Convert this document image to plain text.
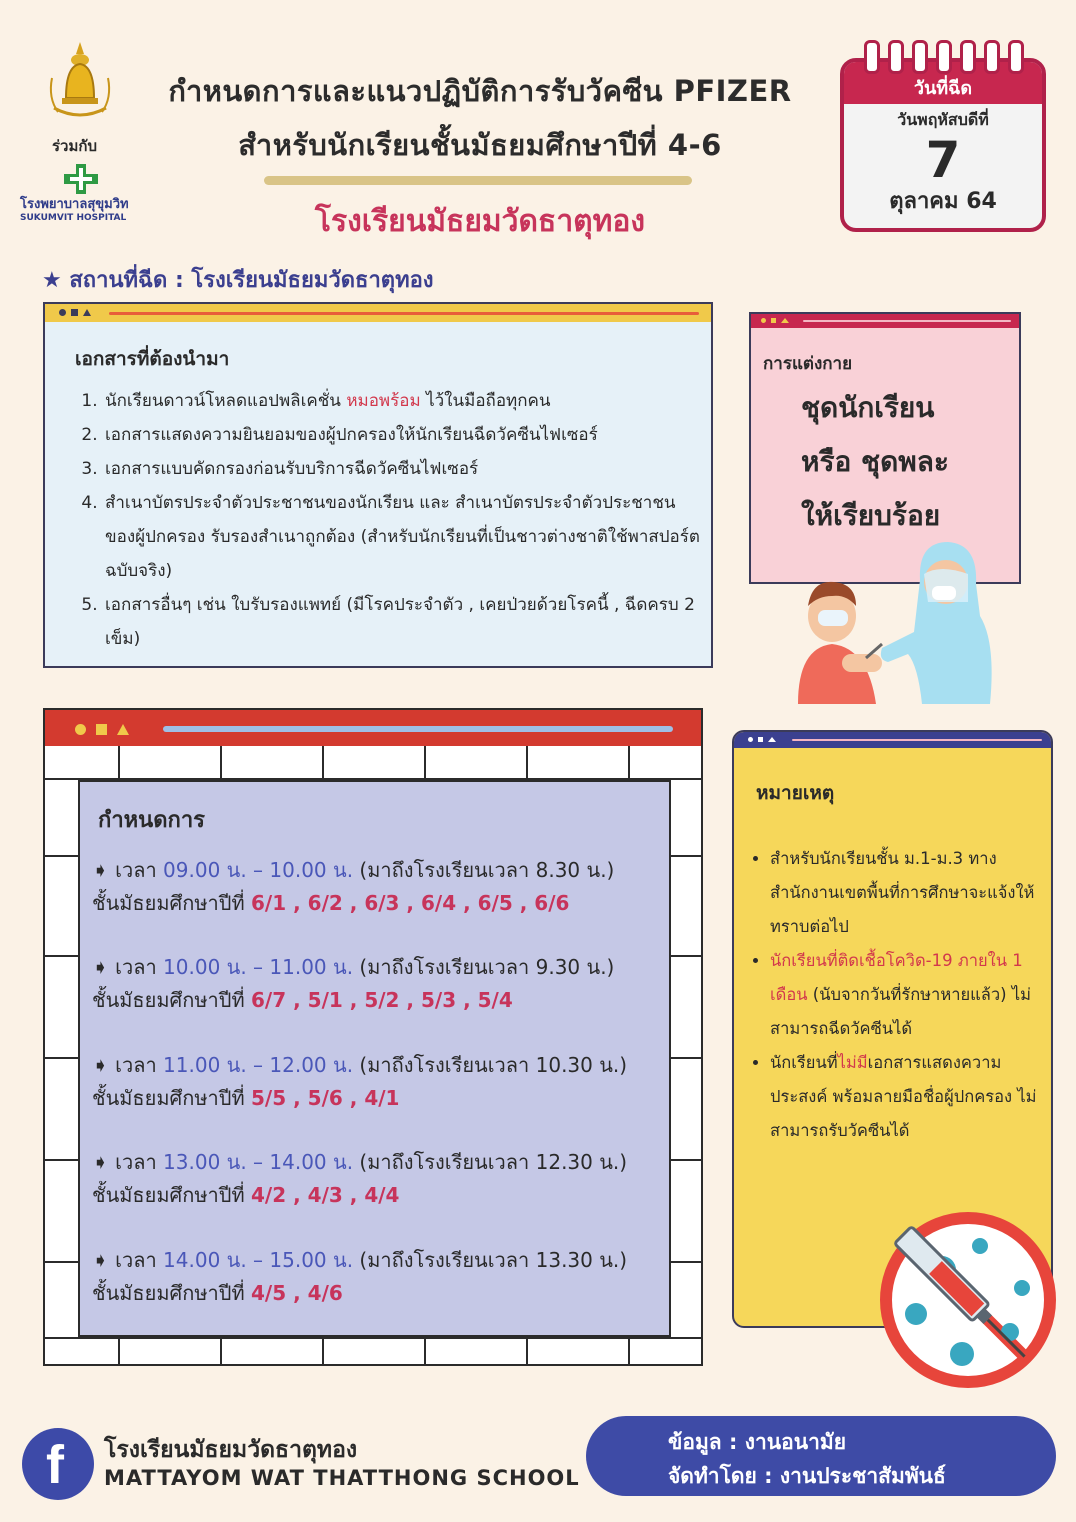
ร่วมกับ
โรงพยาบาลสุขุมวิท
SUKUMVIT HOSPITAL
กำหนดการและแนวปฏิบัติการรับวัคซีน PFIZER
สำหรับนักเรียนชั้นมัธยมศึกษาปีที่ 4-6
โรงเรียนมัธยมวัดธาตุทอง
วันที่ฉีด
วันพฤหัสบดีที่
7
ตุลาคม 64
★ สถานที่ฉีด : โรงเรียนมัธยมวัดธาตุทอง
เอกสารที่ต้องนำมา
1. นักเรียนดาวน์โหลดแอปพลิเคชั่น หมอพร้อม ไว้ในมือถือทุกคน
2. เอกสารแสดงความยินยอมของผู้ปกครองให้นักเรียนฉีดวัคซีนไฟเซอร์
3. เอกสารแบบคัดกรองก่อนรับบริการฉีดวัคซีนไฟเซอร์
4. สำเนาบัตรประจำตัวประชาชนของนักเรียน และ สำเนาบัตรประจำตัวประชาชนของผู้ปกครอง รับรองสำเนาถูกต้อง (สำหรับนักเรียนที่เป็นชาวต่างชาติใช้พาสปอร์ตฉบับจริง)
5. เอกสารอื่นๆ เช่น ใบรับรองแพทย์ (มีโรคประจำตัว , เคยป่วยด้วยโรคนี้ , ฉีดครบ 2 เข็ม)
การแต่งกาย
ชุดนักเรียน
หรือ ชุดพละ
ให้เรียบร้อย
กำหนดการ
➧ เวลา 09.00 น. – 10.00 น. (มาถึงโรงเรียนเวลา 8.30 น.)
ชั้นมัธยมศึกษาปีที่ 6/1 , 6/2 , 6/3 , 6/4 , 6/5 , 6/6
➧ เวลา 10.00 น. – 11.00 น. (มาถึงโรงเรียนเวลา 9.30 น.)
ชั้นมัธยมศึกษาปีที่ 6/7 , 5/1 , 5/2 , 5/3 , 5/4
➧ เวลา 11.00 น. – 12.00 น. (มาถึงโรงเรียนเวลา 10.30 น.)
ชั้นมัธยมศึกษาปีที่ 5/5 , 5/6 , 4/1
➧ เวลา 13.00 น. – 14.00 น. (มาถึงโรงเรียนเวลา 12.30 น.)
ชั้นมัธยมศึกษาปีที่ 4/2 , 4/3 , 4/4
➧ เวลา 14.00 น. – 15.00 น. (มาถึงโรงเรียนเวลา 13.30 น.)
ชั้นมัธยมศึกษาปีที่ 4/5 , 4/6
หมายเหตุ
• สำหรับนักเรียนชั้น ม.1-ม.3 ทางสำนักงานเขตพื้นที่การศึกษาจะแจ้งให้ทราบต่อไป
• นักเรียนที่ติดเชื้อโควิด-19 ภายใน 1 เดือน (นับจากวันที่รักษาหายแล้ว) ไม่สามารถฉีดวัคซีนได้
• นักเรียนที่ไม่มีเอกสารแสดงความประสงค์ พร้อมลายมือชื่อผู้ปกครอง ไม่สามารถรับวัคซีนได้
f โรงเรียนมัธยมวัดธาตุทอง
MATTAYOM WAT THATTHONG SCHOOL
ข้อมูล : งานอนามัย
จัดทำโดย : งานประชาสัมพันธ์
